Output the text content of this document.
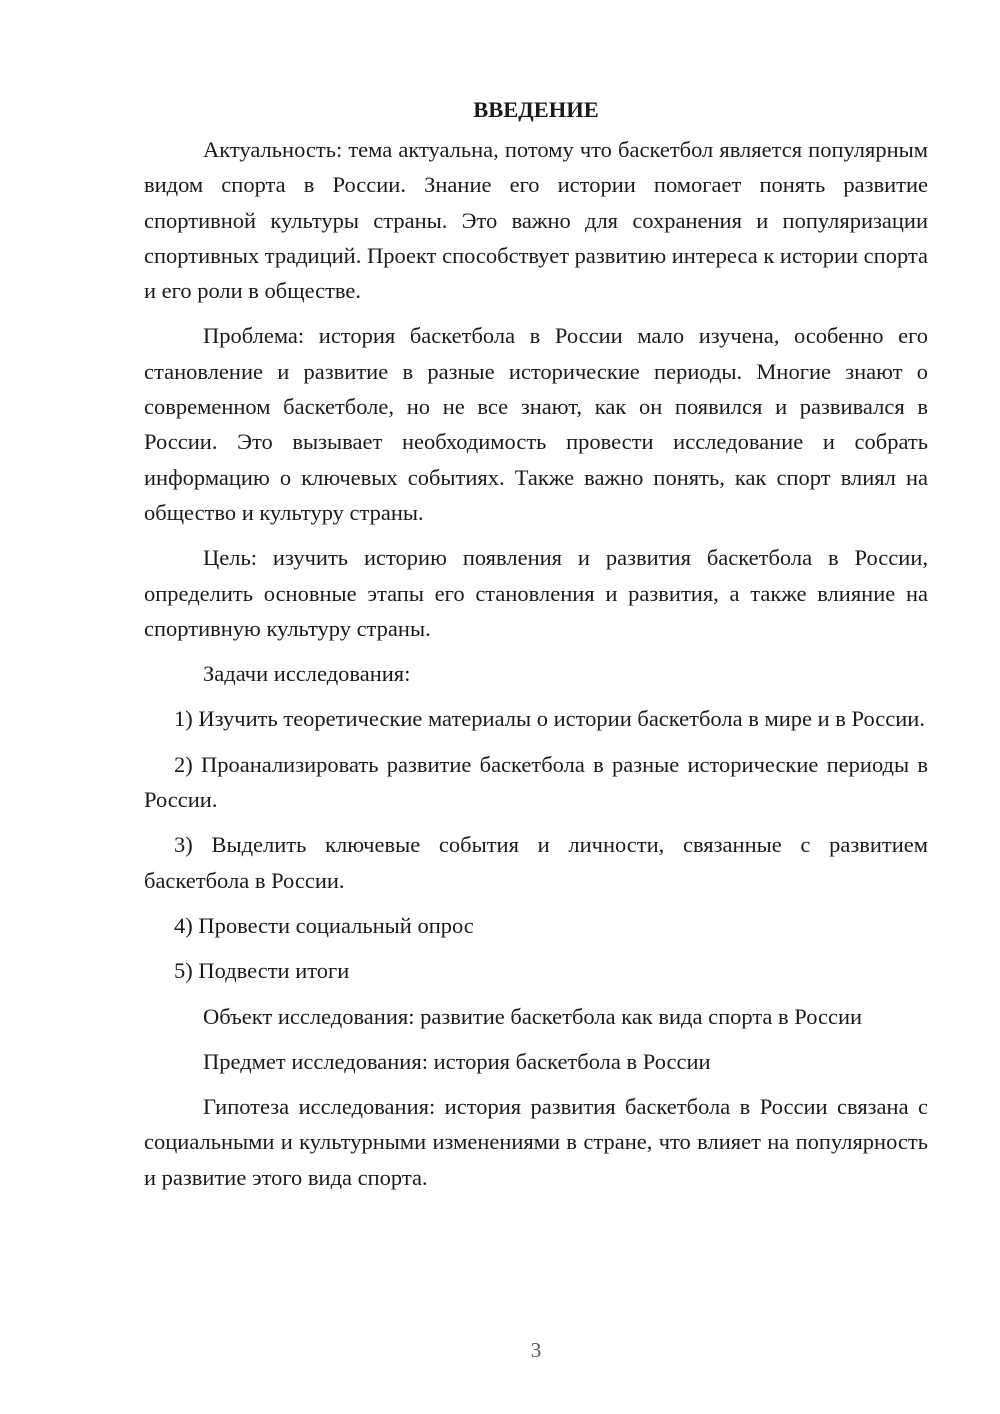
ВВЕДЕНИЕ

Актуальность: тема актуальна, потому что баскетбол является популярным видом спорта в России. Знание его истории помогает понять развитие спортивной культуры страны. Это важно для сохранения и популяризации спортивных традиций. Проект способствует развитию интереса к истории спорта и его роли в обществе.

Проблема: история баскетбола в России мало изучена, особенно его становление и развитие в разные исторические периоды. Многие знают о современном баскетболе, но не все знают, как он появился и развивался в России. Это вызывает необходимость провести исследование и собрать информацию о ключевых событиях. Также важно понять, как спорт влиял на общество и культуру страны.

Цель: изучить историю появления и развития баскетбола в России, определить основные этапы его становления и развития, а также влияние на спортивную культуру страны.

Задачи исследования:

1) Изучить теоретические материалы о истории баскетбола в мире и в России.

2) Проанализировать развитие баскетбола в разные исторические периоды в России.

3) Выделить ключевые события и личности, связанные с развитием баскетбола в России.

4) Провести социальный опрос

5) Подвести итоги

Объект исследования: развитие баскетбола как вида спорта в России

Предмет исследования: история баскетбола в России

Гипотеза исследования: история развития баскетбола в России связана с социальными и культурными изменениями в стране, что влияет на популярность и развитие этого вида спорта.

3
